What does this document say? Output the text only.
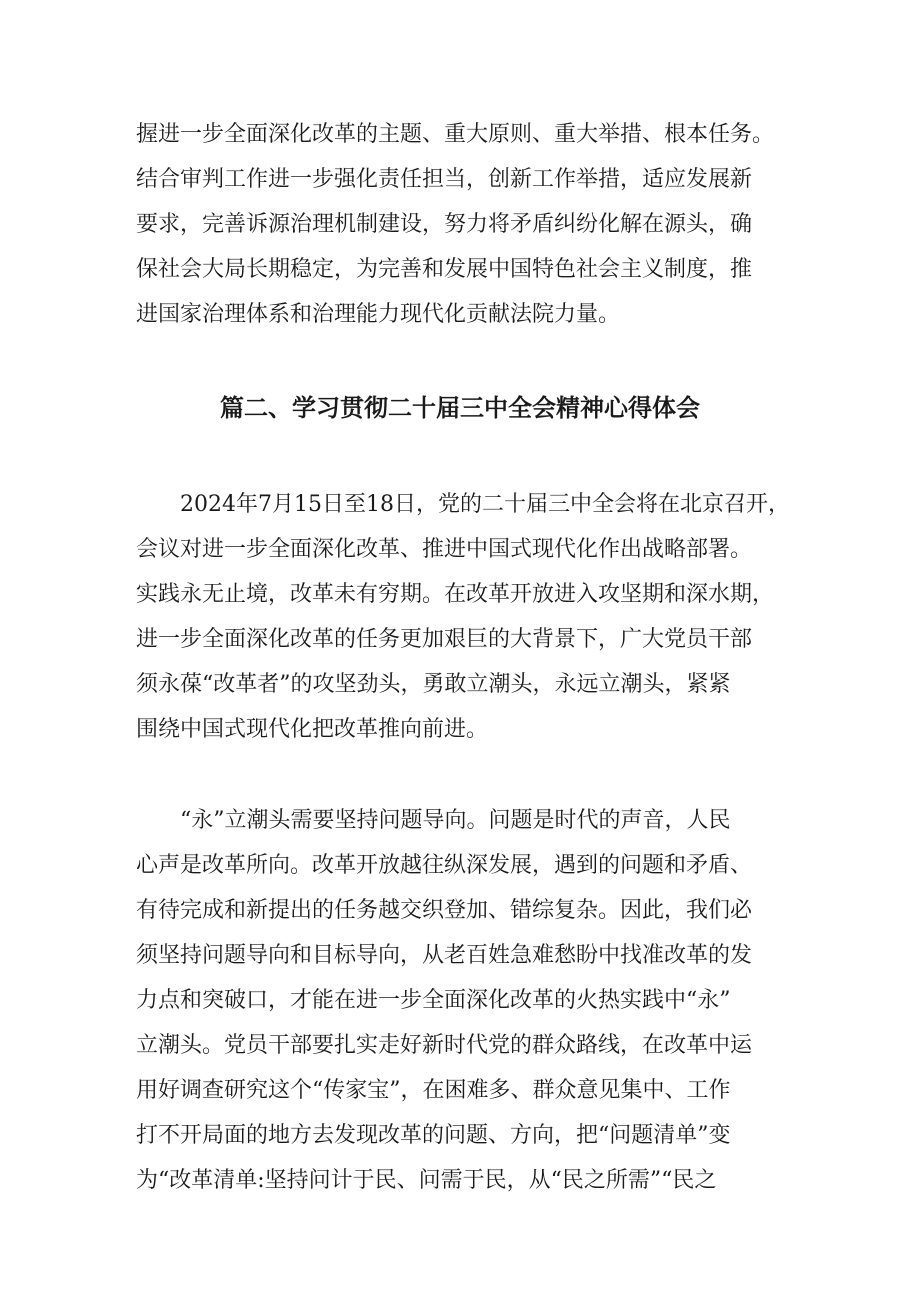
握进一步全面深化改革的主题、重大原则、重大举措、根本任务。
结合审判工作进一步强化责任担当，创新工作举措，适应发展新
要求，完善诉源治理机制建设，努力将矛盾纠纷化解在源头，确
保社会大局长期稳定，为完善和发展中国特色社会主义制度，推
进国家治理体系和治理能力现代化贡献法院力量。
篇二、学习贯彻二十届三中全会精神心得体会
2024年7月15日至18日，党的二十届三中全会将在北京召开，
会议对进一步全面深化改革、推进中国式现代化作出战略部署。
实践永无止境，改革未有穷期。在改革开放进入攻坚期和深水期，
进一步全面深化改革的任务更加艰巨的大背景下，广大党员干部
须永葆“改革者”的攻坚劲头，勇敢立潮头，永远立潮头，紧紧
围绕中国式现代化把改革推向前进。
“永”立潮头需要坚持问题导向。问题是时代的声音，人民
心声是改革所向。改革开放越往纵深发展，遇到的问题和矛盾、
有待完成和新提出的任务越交织登加、错综复杂。因此，我们必
须坚持问题导向和目标导向，从老百姓急难愁盼中找准改革的发
力点和突破口，才能在进一步全面深化改革的火热实践中“永”
立潮头。党员干部要扎实走好新时代党的群众路线，在改革中运
用好调查研究这个“传家宝”，在困难多、群众意见集中、工作
打不开局面的地方去发现改革的问题、方向，把“问题清单”变
为“改革清单:坚持问计于民、问需于民，从“民之所需”“民之
